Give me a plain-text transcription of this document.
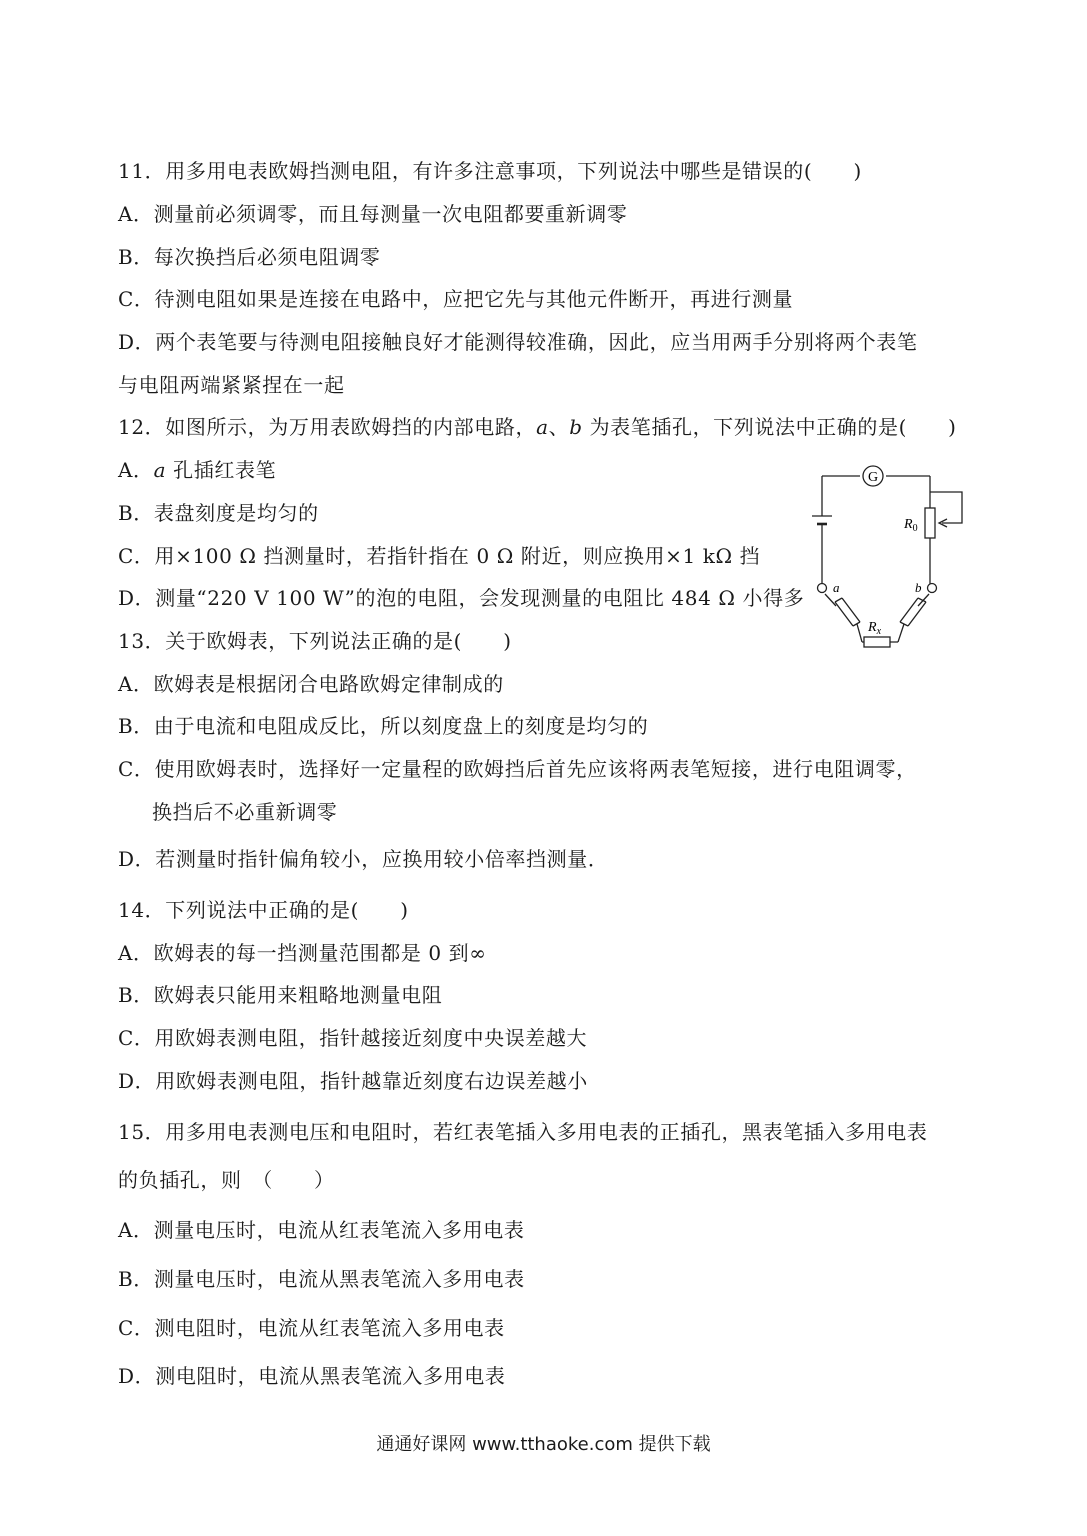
11．用多用电表欧姆挡测电阻，有许多注意事项，下列说法中哪些是错误的(　　)
A．测量前必须调零，而且每测量一次电阻都要重新调零
B．每次换挡后必须电阻调零
C．待测电阻如果是连接在电路中，应把它先与其他元件断开，再进行测量
D．两个表笔要与待测电阻接触良好才能测得较准确，因此，应当用两手分别将两个表笔
与电阻两端紧紧捏在一起
12．如图所示，为万用表欧姆挡的内部电路，a、b 为表笔插孔，下列说法中正确的是(　　)
A．a 孔插红表笔
B．表盘刻度是均匀的
C．用×100 Ω 挡测量时，若指针指在 0 Ω 附近，则应换用×1 kΩ 挡
D．测量“220 V 100 W”的泡的电阻，会发现测量的电阻比 484 Ω 小得多
G
$R_0$
a	b
$R_x$
13．关于欧姆表，下列说法正确的是(　　)
A．欧姆表是根据闭合电路欧姆定律制成的
B．由于电流和电阻成反比，所以刻度盘上的刻度是均匀的
C．使用欧姆表时，选择好一定量程的欧姆挡后首先应该将两表笔短接，进行电阻调零，
换挡后不必重新调零
D．若测量时指针偏角较小，应换用较小倍率挡测量．
14．下列说法中正确的是(　　)
A．欧姆表的每一挡测量范围都是 0 到∞
B．欧姆表只能用来粗略地测量电阻
C．用欧姆表测电阻，指针越接近刻度中央误差越大
D．用欧姆表测电阻，指针越靠近刻度右边误差越小
15．用多用电表测电压和电阻时，若红表笔插入多用电表的正插孔，黑表笔插入多用电表
的负插孔，则　（　　）
A．测量电压时，电流从红表笔流入多用电表
B．测量电压时，电流从黑表笔流入多用电表
C．测电阻时，电流从红表笔流入多用电表
D．测电阻时，电流从黑表笔流入多用电表
通通好课网 www.tthaoke.com 提供下载
